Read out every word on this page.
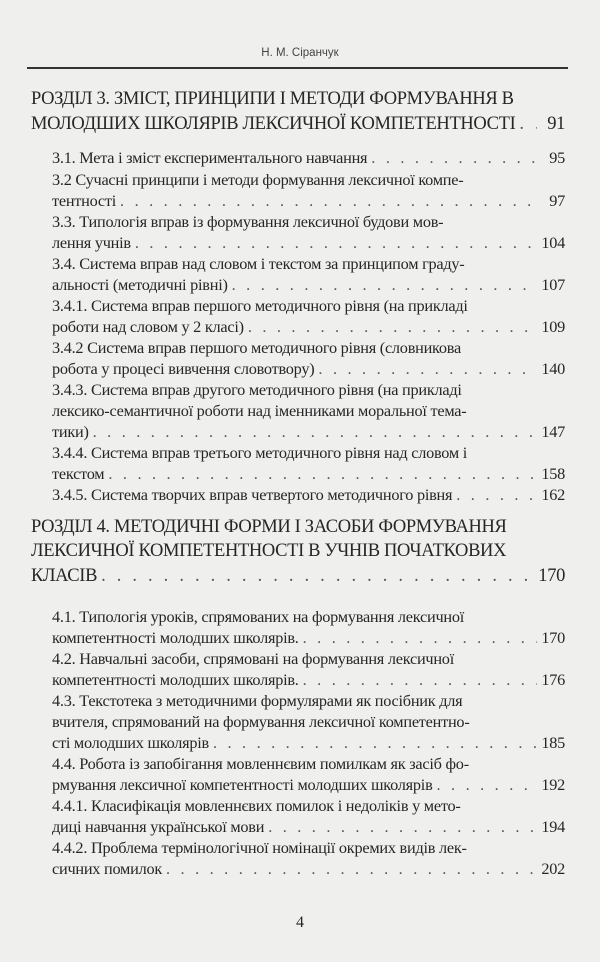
Н. М. Сіранчук
РОЗДІЛ 3. ЗМІСТ, ПРИНЦИПИ І МЕТОДИ ФОРМУВАННЯ В
МОЛОДШИХ ШКОЛЯРІВ ЛЕКСИЧНОЇ КОМПЕТЕНТНОСТІ . . .	91
3.1. Мета і зміст експериментального навчання . . .	95
3.2 Сучасні принципи і методи формування лексичної компе-
тентності . . .	97
3.3. Типологія вправ із формування лексичної будови мов-
лення учнів . . .	104
3.4. Система вправ над словом і текстом за принципом граду-
альності (методичні рівні) . . .	107
3.4.1. Система вправ першого методичного рівня (на прикладі
роботи над словом у 2 класі) . . .	109
3.4.2 Система вправ першого методичного рівня (словникова
робота у процесі вивчення словотвору) . . .	140
3.4.3. Система вправ другого методичного рівня (на прикладі
лексико-семантичної роботи над іменниками моральної тема-
тики) . . .	147
3.4.4. Система вправ третього методичного рівня над словом і
текстом . . .	158
3.4.5. Система творчих вправ четвертого методичного рівня . . .	162
РОЗДІЛ 4. МЕТОДИЧНІ ФОРМИ І ЗАСОБИ ФОРМУВАННЯ
ЛЕКСИЧНОЇ КОМПЕТЕНТНОСТІ В УЧНІВ ПОЧАТКОВИХ
КЛАСІВ . . .	170
4.1. Типологія уроків, спрямованих на формування лексичної
компетентності молодших школярів. . . .	170
4.2. Навчальні засоби, спрямовані на формування лексичної
компетентності молодших школярів. . . .	176
4.3. Текстотека з методичними формулярами як посібник для
вчителя, спрямований на формування лексичної компетентно-
сті молодших школярів . . .	185
4.4. Робота із запобігання мовленнєвим помилкам як засіб фо-
рмування лексичної компетентності молодших школярів . . .	192
4.4.1. Класифікація мовленнєвих помилок і недоліків у мето-
диці навчання української мови . . .	194
4.4.2. Проблема термінологічної номінації окремих видів лек-
сичних помилок . . .	202
4
